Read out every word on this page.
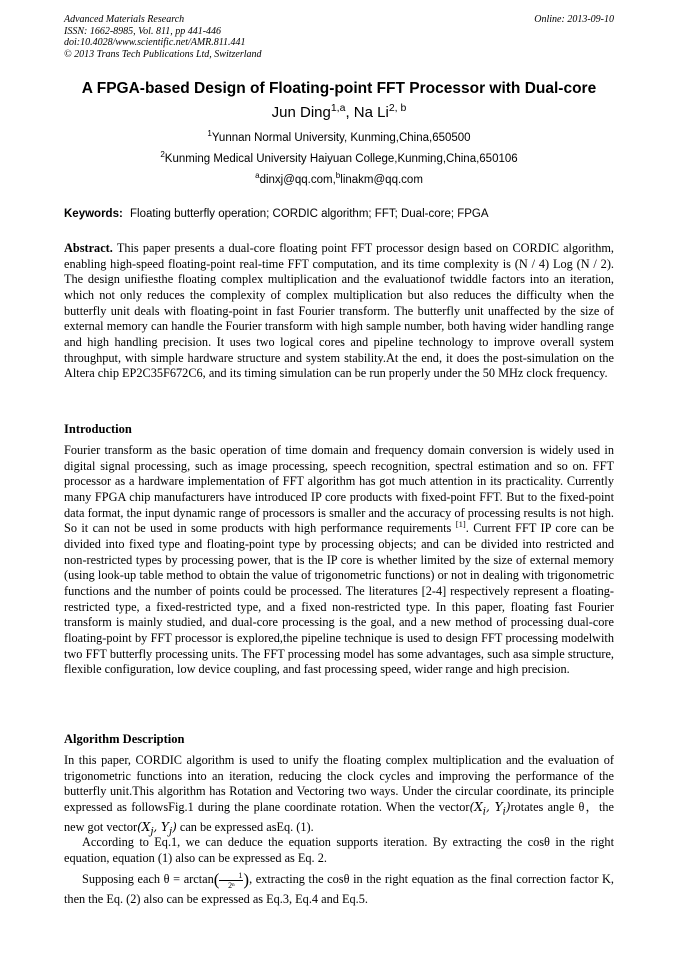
Advanced Materials Research
ISSN: 1662-8985, Vol. 811, pp 441-446
doi:10.4028/www.scientific.net/AMR.811.441
© 2013 Trans Tech Publications Ltd, Switzerland
Online: 2013-09-10
A FPGA-based Design of Floating-point FFT Processor with Dual-core
Jun Ding$^{1,a}$, Na Li$^{2, b}$
$^1$Yunnan Normal University, Kunming,China,650500
$^2$Kunming Medical University Haiyuan College,Kunming,China,650106
$^a$dinxj@qq.com,$^b$linakm@qq.com
Keywords: Floating butterfly operation; CORDIC algorithm; FFT; Dual-core; FPGA

Abstract. This paper presents a dual-core floating point FFT processor design based on CORDIC algorithm, enabling high-speed floating-point real-time FFT computation, and its time complexity is (N / 4) Log (N / 2). The design unifiesthe floating complex multiplication and the evaluationof twiddle factors into an iteration, which not only reduces the complexity of complex multiplication but also reduces the difficulty when the butterfly unit deals with floating-point in fast Fourier transform. The butterfly unit unaffected by the size of external memory can handle the Fourier transform with high sample number, both having wider handling range and high handling precision. It uses two logical cores and pipeline technology to improve overall system throughput, with simple hardware structure and system stability.At the end, it does the post-simulation on the Altera chip EP2C35F672C6, and its timing simulation can be run properly under the 50 MHz clock frequency.

Introduction

Fourier transform as the basic operation of time domain and frequency domain conversion is widely used in digital signal processing, such as image processing, speech recognition, spectral estimation and so on. FFT processor as a hardware implementation of FFT algorithm has got much attention in its practicality. Currently many FPGA chip manufacturers have introduced IP core products with fixed-point FFT. But to the fixed-point data format, the input dynamic range of processors is smaller and the accuracy of processing results is not high. So it can not be used in some products with high performance requirements [1]. Current FFT IP core can be divided into fixed type and floating-point type by processing objects; and can be divided into restricted and non-restricted types by processing power, that is the IP core is whether limited by the size of external memory (using look-up table method to obtain the value of trigonometric functions) or not in dealing with trigonometric functions and the number of points could be processed. The literatures [2-4] respectively represent a floating-restricted type, a fixed-restricted type, and a fixed non-restricted type. In this paper, floating fast Fourier transform is mainly studied, and dual-core processing is the goal, and a new method of processing dual-core floating-point by FFT processor is explored,the pipeline technique is used to design FFT processing modelwith two FFT butterfly processing units. The FFT processing model has some advantages, such asa simple structure, flexible configuration, low device coupling, and fast processing speed, wider range and high precision.

Algorithm Description

In this paper, CORDIC algorithm is used to unify the floating complex multiplication and the evaluation of trigonometric functions into an iteration, reducing the clock cycles and improving the performance of the butterfly unit.This algorithm has Rotation and Vectoring two ways. Under the circular coordinate, its principle expressed as followsFig.1 during the plane coordinate rotation. When the $vector(X_i$, $Y_i)rotates$ angle θ，the new got $vector(X_j$, $Y_j$) can be expressed asEq. (1).

According to Eq.1, we can deduce the equation supports iteration. By extracting the cosθ in the right equation, equation (1) also can be expressed as Eq. 2.

Supposing each $\theta = \arctan( \frac{1}{\text{2ⁿ}})$, extracting the cosθ in the right equation as the final correction factor K, then the Eq. (2) also can be expressed as Eq.3, Eq.4 and Eq.5.
